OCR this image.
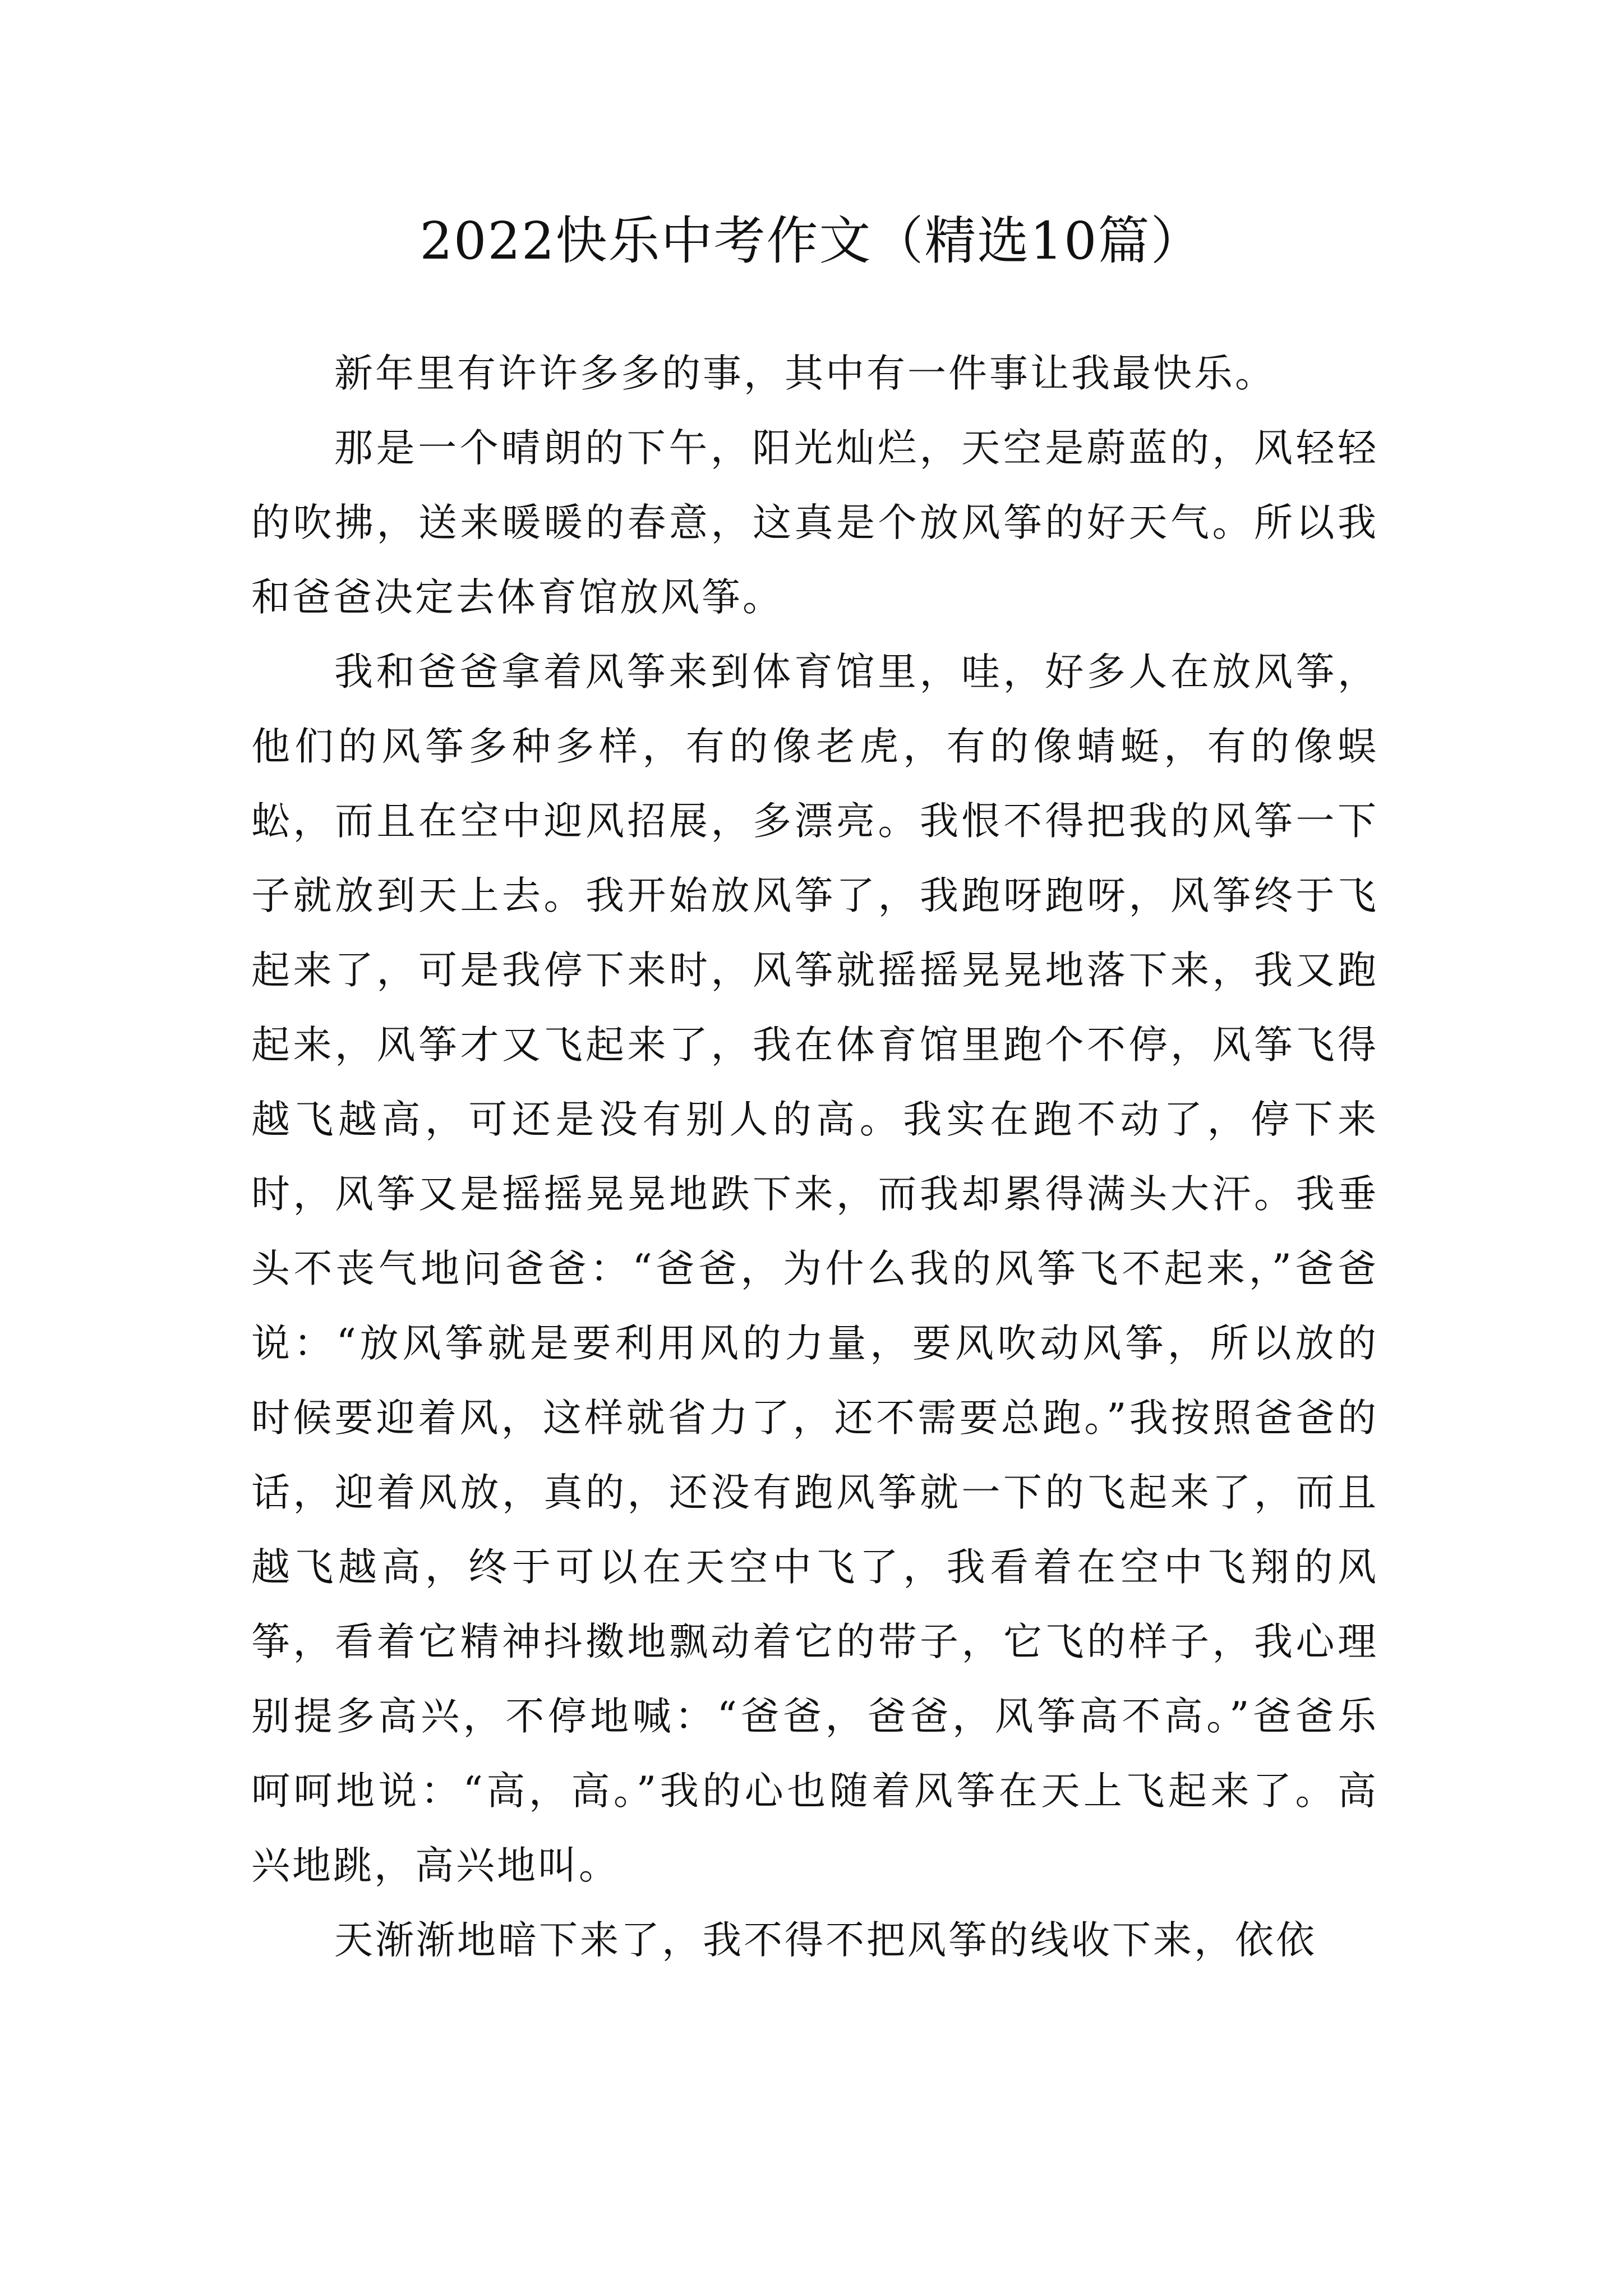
2022快乐中考作文（精选10篇）

新年里有许许多多的事，其中有一件事让我最快乐。

那是一个晴朗的下午，阳光灿烂，天空是蔚蓝的，风轻轻的吹拂，送来暖暖的春意，这真是个放风筝的好天气。所以我和爸爸决定去体育馆放风筝。

我和爸爸拿着风筝来到体育馆里，哇，好多人在放风筝，他们的风筝多种多样，有的像老虎，有的像蜻蜓，有的像蜈蚣，而且在空中迎风招展，多漂亮。我恨不得把我的风筝一下子就放到天上去。我开始放风筝了，我跑呀跑呀，风筝终于飞起来了，可是我停下来时，风筝就摇摇晃晃地落下来，我又跑起来，风筝才又飞起来了，我在体育馆里跑个不停，风筝飞得越飞越高，可还是没有别人的高。我实在跑不动了，停下来时，风筝又是摇摇晃晃地跌下来，而我却累得满头大汗。我垂头不丧气地问爸爸：“爸爸，为什么我的风筝飞不起来，”爸爸说：“放风筝就是要利用风的力量，要风吹动风筝，所以放的时候要迎着风，这样就省力了，还不需要总跑。”我按照爸爸的话，迎着风放，真的，还没有跑风筝就一下的飞起来了，而且越飞越高，终于可以在天空中飞了，我看着在空中飞翔的风筝，看着它精神抖擞地飘动着它的带子，它飞的样子，我心理别提多高兴，不停地喊：“爸爸，爸爸，风筝高不高。”爸爸乐呵呵地说：“高，高。”我的心也随着风筝在天上飞起来了。高兴地跳，高兴地叫。

天渐渐地暗下来了，我不得不把风筝的线收下来，依依
